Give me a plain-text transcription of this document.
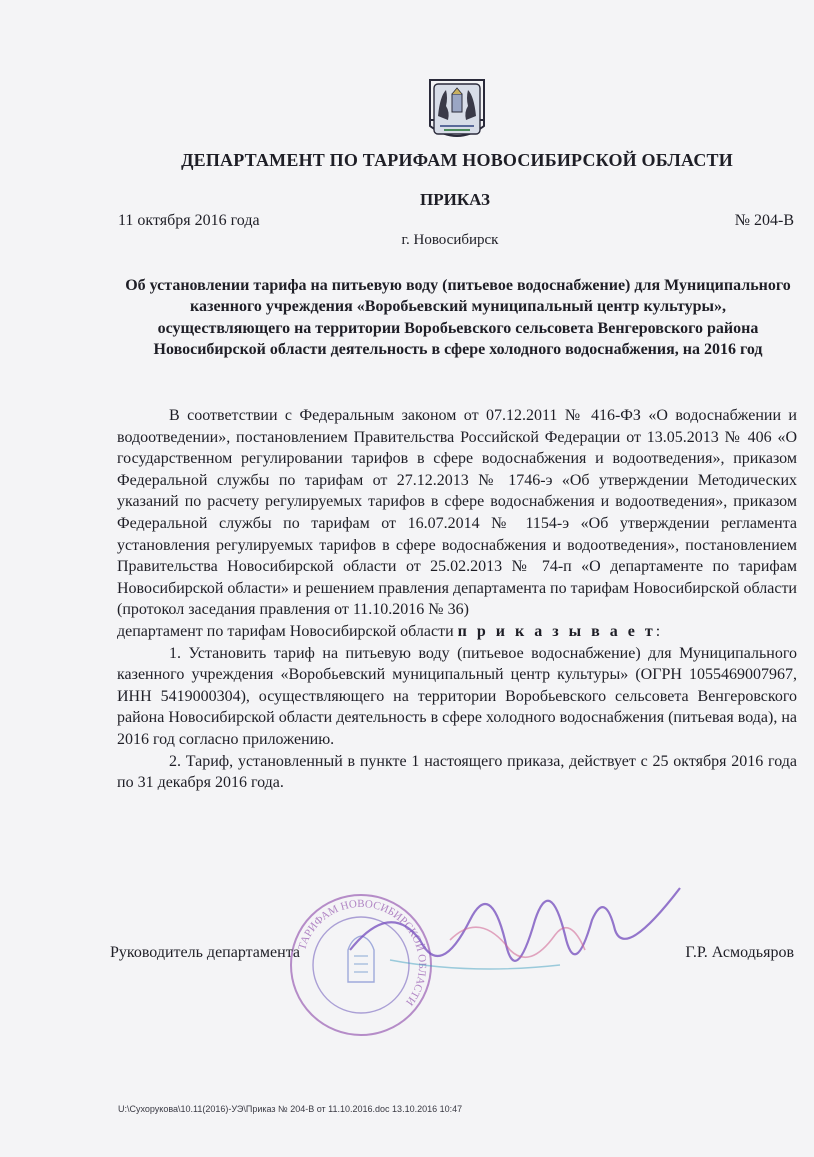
ДЕПАРТАМЕНТ ПО ТАРИФАМ НОВОСИБИРСКОЙ ОБЛАСТИ
ПРИКАЗ
11 октября 2016 года	№ 204-В
г. Новосибирск
Об установлении тарифа на питьевую воду (питьевое водоснабжение) для Муниципального казенного учреждения «Воробьевский муниципальный центр культуры», осуществляющего на территории Воробьевского сельсовета Венгеровского района Новосибирской области деятельность в сфере холодного водоснабжения, на 2016 год

В соответствии с Федеральным законом от 07.12.2011 № 416-ФЗ «О водоснабжении и водоотведении», постановлением Правительства Российской Федерации от 13.05.2013 № 406 «О государственном регулировании тарифов в сфере водоснабжения и водоотведения», приказом Федеральной службы по тарифам от 27.12.2013 № 1746-э «Об утверждении Методических указаний по расчету регулируемых тарифов в сфере водоснабжения и водоотведения», приказом Федеральной службы по тарифам от 16.07.2014 № 1154-э «Об утверждении регламента установления регулируемых тарифов в сфере водоснабжения и водоотведения», постановлением Правительства Новосибирской области от 25.02.2013 № 74-п «О департаменте по тарифам Новосибирской области» и решением правления департамента по тарифам Новосибирской области (протокол заседания правления от 11.10.2016 № 36)

департамент по тарифам Новосибирской области п р и к а з ы в а е т:

1. Установить тариф на питьевую воду (питьевое водоснабжение) для Муниципального казенного учреждения «Воробьевский муниципальный центр культуры» (ОГРН 1055469007967, ИНН 5419000304), осуществляющего на территории Воробьевского сельсовета Венгеровского района Новосибирской области деятельность в сфере холодного водоснабжения (питьевая вода), на 2016 год согласно приложению.

2. Тариф, установленный в пункте 1 настоящего приказа, действует с 25 октября 2016 года по 31 декабря 2016 года.

ТАРИФАМ НОВОСИБИРСКОЙ ОБЛАСТИ
Руководитель департамента	Г.Р. Асмодьяров
U:\Сухорукова\10.11(2016)-УЭ\Приказ № 204-В от 11.10.2016.doc 13.10.2016 10:47
